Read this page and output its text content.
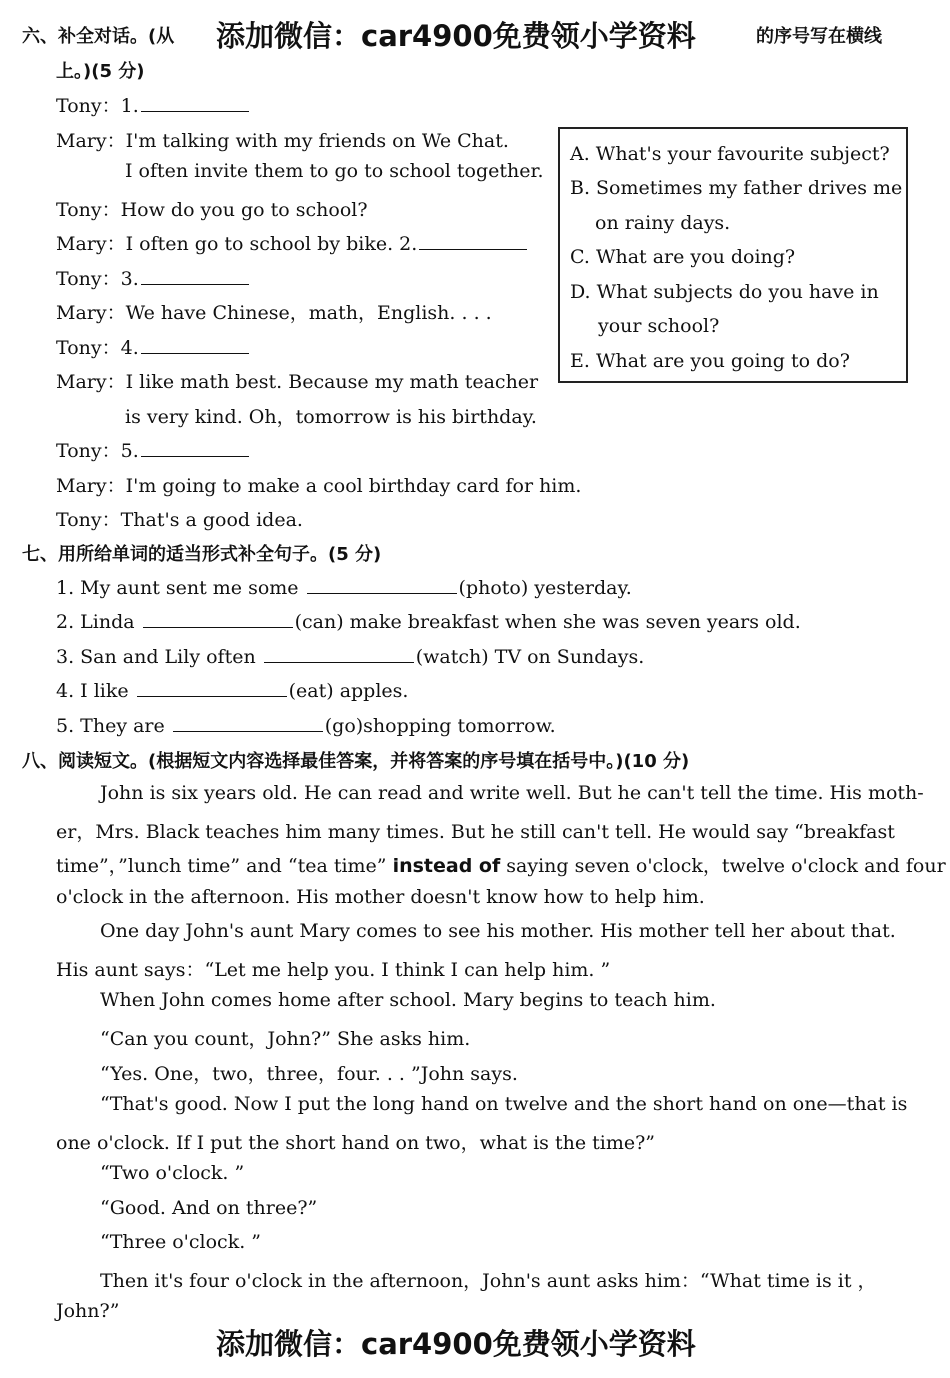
六、补全对话。(从	的序号写在横线
上。)(5 分)
添加微信：car4900免费领小学资料
Tony：1.
Mary：I'm talking with my friends on We Chat.
I often invite them to go to school together.
Tony：How do you go to school?
Mary：I often go to school by bike. 2.
Tony：3.
Mary：We have Chinese，math，English. . . .
Tony：4.
Mary：I like math best. Because my math teacher
is very kind. Oh，tomorrow is his birthday.
Tony：5.
Mary：I'm going to make a cool birthday card for him.
Tony：That's a good idea.
A. What's your favourite subject?
B. Sometimes my father drives me
on rainy days.
C. What are you doing?
D. What subjects do you have in
your school?
E. What are you going to do?
七、用所给单词的适当形式补全句子。(5 分)
1. My aunt sent me some	(photo) yesterday.
2. Linda	(can) make breakfast when she was seven years old.
3. San and Lily often	(watch) TV on Sundays.
4. I like	(eat) apples.
5. They are	(go)shopping tomorrow.
八、阅读短文。(根据短文内容选择最佳答案，并将答案的序号填在括号中。)(10 分)
John is six years old. He can read and write well. But he can't tell the time. His moth-
er，Mrs. Black teaches him many times. But he still can't tell. He would say “breakfast
time”，”lunch time” and “tea time” instead of saying seven o'clock，twelve o'clock and four
o'clock in the afternoon. His mother doesn't know how to help him.
One day John's aunt Mary comes to see his mother. His mother tell her about that.
His aunt says：“Let me help you. I think I can help him. ”
When John comes home after school. Mary begins to teach him.
“Can you count，John?” She asks him.
“Yes. One，two，three，four. . . ”John says.
“That's good. Now I put the long hand on twelve and the short hand on one—that is
one o'clock. If I put the short hand on two，what is the time?”
“Two o'clock. ”
“Good. And on three?”
“Three o'clock. ”
Then it's four o'clock in the afternoon，John's aunt asks him：“What time is it ，
John?”
添加微信：car4900免费领小学资料
